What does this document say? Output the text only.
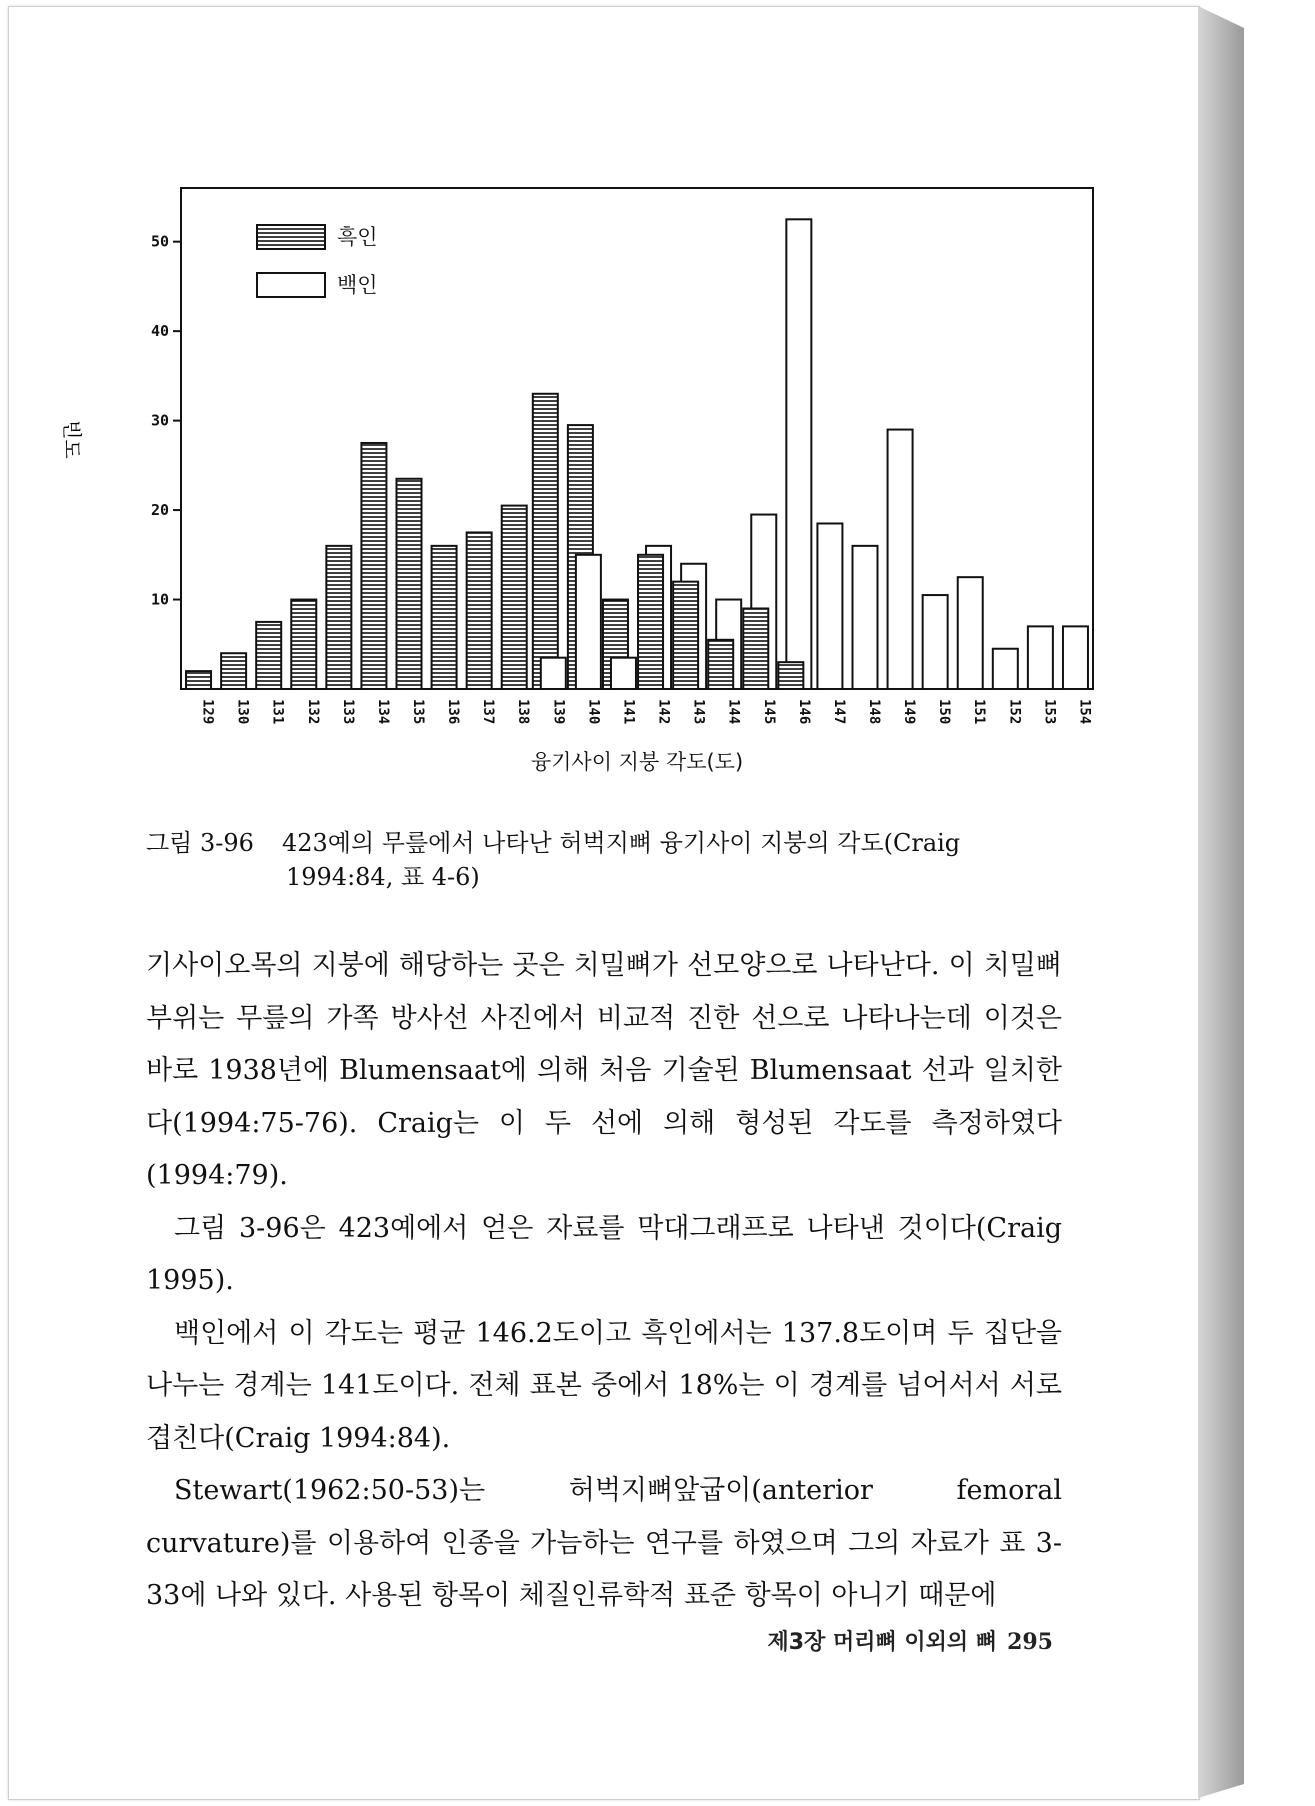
빈도
10
20
30
40
50
129 130 131 132 133 134 135 136 137 138 139 140 141 142 143 144 145 146 147 148 149 150 151 152 153 154
흑인
백인
융기사이 지붕 각도(도)
그림 3-96 423예의 무릎에서 나타난 허벅지뼈 융기사이 지붕의 각도(Craig
1994:84, 표 4-6)

기사이오목의 지붕에 해당하는 곳은 치밀뼈가 선모양으로 나타난다. 이 치밀뼈 부위는 무릎의 가쪽 방사선 사진에서 비교적 진한 선으로 나타나는데 이것은 바로 1938년에 Blumensaat에 의해 처음 기술된 Blumensaat 선과 일치한다(1994:75-76). Craig는 이 두 선에 의해 형성된 각도를 측정하였다(1994:79).

그림 3-96은 423예에서 얻은 자료를 막대그래프로 나타낸 것이다(Craig 1995).

백인에서 이 각도는 평균 146.2도이고 흑인에서는 137.8도이며 두 집단을 나누는 경계는 141도이다. 전체 표본 중에서 18%는 이 경계를 넘어서서 서로 겹친다(Craig 1994:84).

Stewart(1962:50-53)는 허벅지뼈앞굽이(anterior femoral curvature)를 이용하여 인종을 가늠하는 연구를 하였으며 그의 자료가 표 3-33에 나와 있다. 사용된 항목이 체질인류학적 표준 항목이 아니기 때문에

제3장 머리뼈 이외의 뼈 295
